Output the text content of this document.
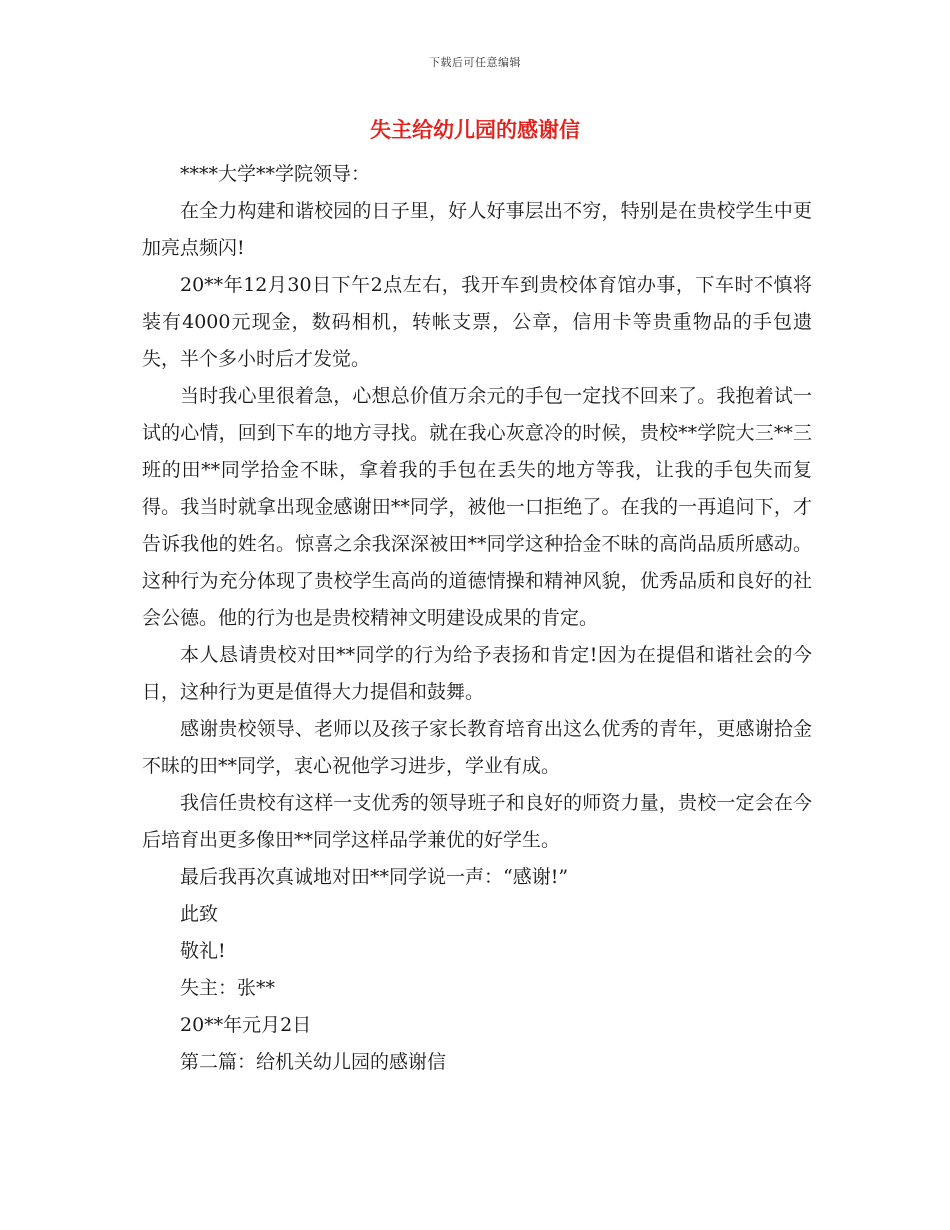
下载后可任意编辑
失主给幼儿园的感谢信

****大学**学院领导：

在全力构建和谐校园的日子里，好人好事层出不穷，特别是在贵校学生中更加亮点频闪!

20**年12月30日下午2点左右，我开车到贵校体育馆办事，下车时不慎将装有4000元现金，数码相机，转帐支票，公章，信用卡等贵重物品的手包遗失，半个多小时后才发觉。

当时我心里很着急，心想总价值万余元的手包一定找不回来了。我抱着试一试的心情，回到下车的地方寻找。就在我心灰意冷的时候，贵校**学院大三**三班的田**同学拾金不昧，拿着我的手包在丢失的地方等我，让我的手包失而复得。我当时就拿出现金感谢田**同学，被他一口拒绝了。在我的一再追问下，才告诉我他的姓名。惊喜之余我深深被田**同学这种拾金不昧的高尚品质所感动。这种行为充分体现了贵校学生高尚的道德情操和精神风貌，优秀品质和良好的社会公德。他的行为也是贵校精神文明建设成果的肯定。

本人恳请贵校对田**同学的行为给予表扬和肯定!因为在提倡和谐社会的今日，这种行为更是值得大力提倡和鼓舞。

感谢贵校领导、老师以及孩子家长教育培育出这么优秀的青年，更感谢拾金不昧的田**同学，衷心祝他学习进步，学业有成。

我信任贵校有这样一支优秀的领导班子和良好的师资力量，贵校一定会在今后培育出更多像田**同学这样品学兼优的好学生。

最后我再次真诚地对田**同学说一声：“感谢!”

此致

敬礼!

失主：张**

20**年元月2日

第二篇：给机关幼儿园的感谢信
